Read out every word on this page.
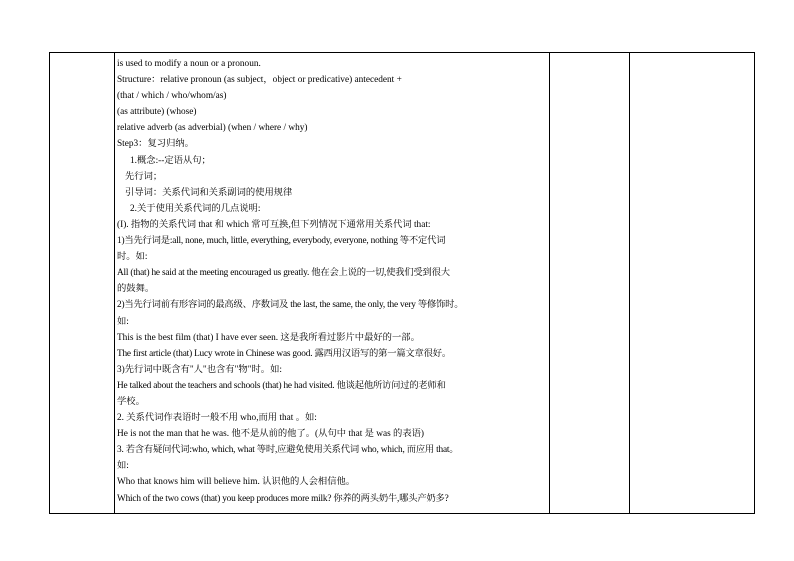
is used to modify a noun or a pronoun.
Structure：relative pronoun (as subject，object or predicative) antecedent +
(that / which / who/whom/as)
(as attribute) (whose)
relative adverb (as adverbial) (when / where / why)
Step3：复习归纳。
1.概念:--定语从句；
先行词；
引导词：关系代词和关系副词的使用规律
2.关于使用关系代词的几点说明:
(I). 指物的关系代词 that 和 which 常可互换,但下列情况下通常用关系代词 that:
1)当先行词是:all, none, much, little, everything, everybody, everyone, nothing 等不定代词
时。如:
All (that) he said at the meeting encouraged us greatly. 他在会上说的一切,使我们受到很大
的鼓舞。
2)当先行词前有形容词的最高级、序数词及 the last, the same, the only, the very 等修饰时。
如:
This is the best film (that) I have ever seen. 这是我所看过影片中最好的一部。
The first article (that) Lucy wrote in Chinese was good. 露西用汉语写的第一篇文章很好。
3)先行词中既含有"人"也含有"物"时。如:
He talked about the teachers and schools (that) he had visited. 他谈起他所访问过的老师和
学校。
2. 关系代词作表语时一般不用 who,而用 that 。如:
He is not the man that he was. 他不是从前的他了。(从句中 that 是 was 的表语)
3. 若含有疑问代词:who, which, what 等时,应避免使用关系代词 who, which, 而应用 that。
如:
Who that knows him will believe him. 认识他的人会相信他。
Which of the two cows (that) you keep produces more milk? 你养的两头奶牛,哪头产奶多?
